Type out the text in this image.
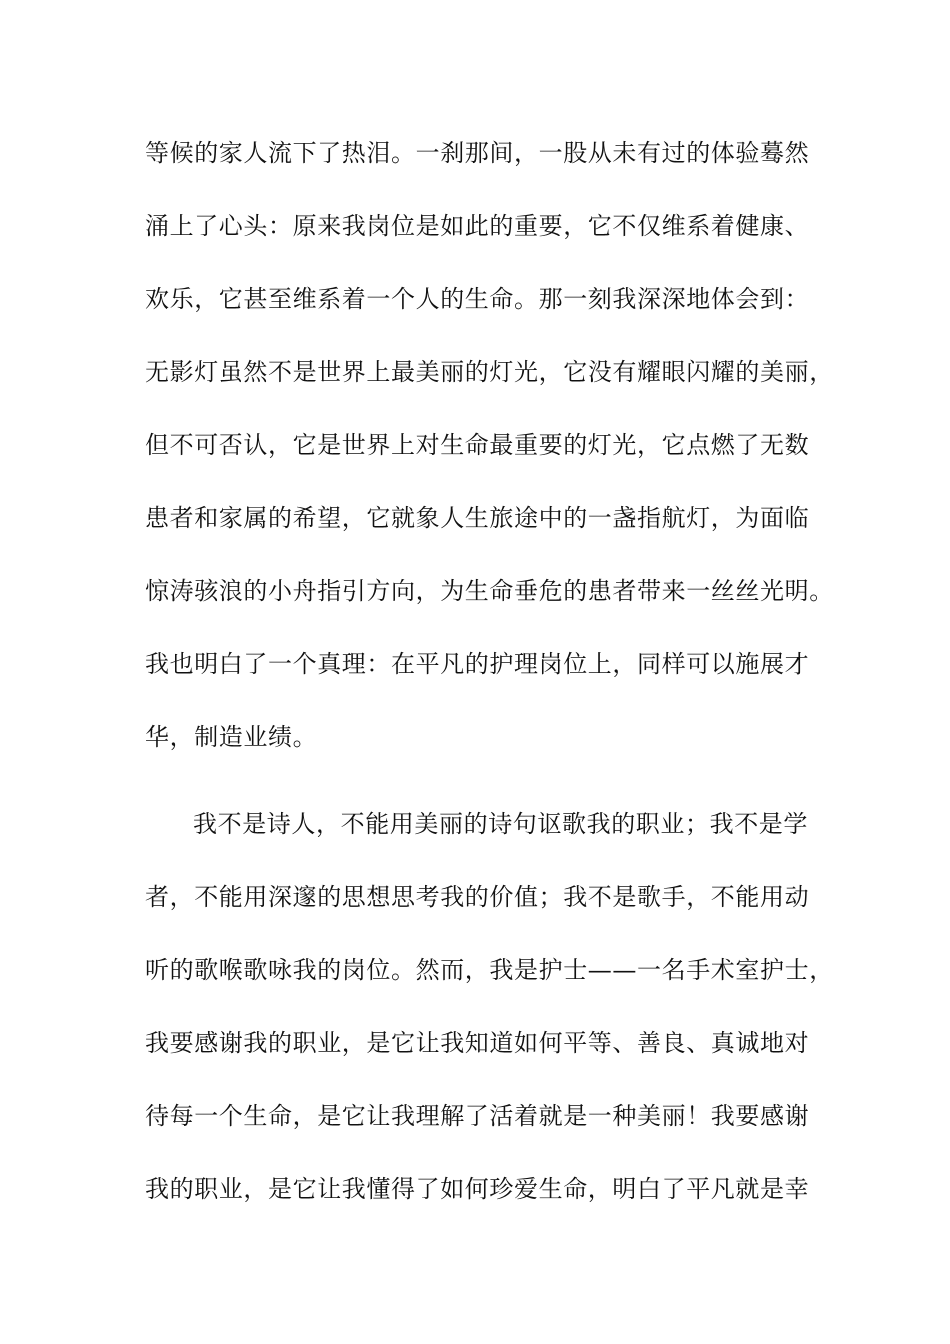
等候的家人流下了热泪。一刹那间，一股从未有过的体验蓦然
涌上了心头：原来我岗位是如此的重要，它不仅维系着健康、
欢乐，它甚至维系着一个人的生命。那一刻我深深地体会到：
无影灯虽然不是世界上最美丽的灯光，它没有耀眼闪耀的美丽，
但不可否认，它是世界上对生命最重要的灯光，它点燃了无数
患者和家属的希望，它就象人生旅途中的一盏指航灯，为面临
惊涛骇浪的小舟指引方向，为生命垂危的患者带来一丝丝光明。
我也明白了一个真理：在平凡的护理岗位上，同样可以施展才
华，制造业绩。
我不是诗人，不能用美丽的诗句讴歌我的职业；我不是学
者，不能用深邃的思想思考我的价值；我不是歌手，不能用动
听的歌喉歌咏我的岗位。然而，我是护士——一名手术室护士，
我要感谢我的职业，是它让我知道如何平等、善良、真诚地对
待每一个生命，是它让我理解了活着就是一种美丽！我要感谢
我的职业，是它让我懂得了如何珍爱生命，明白了平凡就是幸
